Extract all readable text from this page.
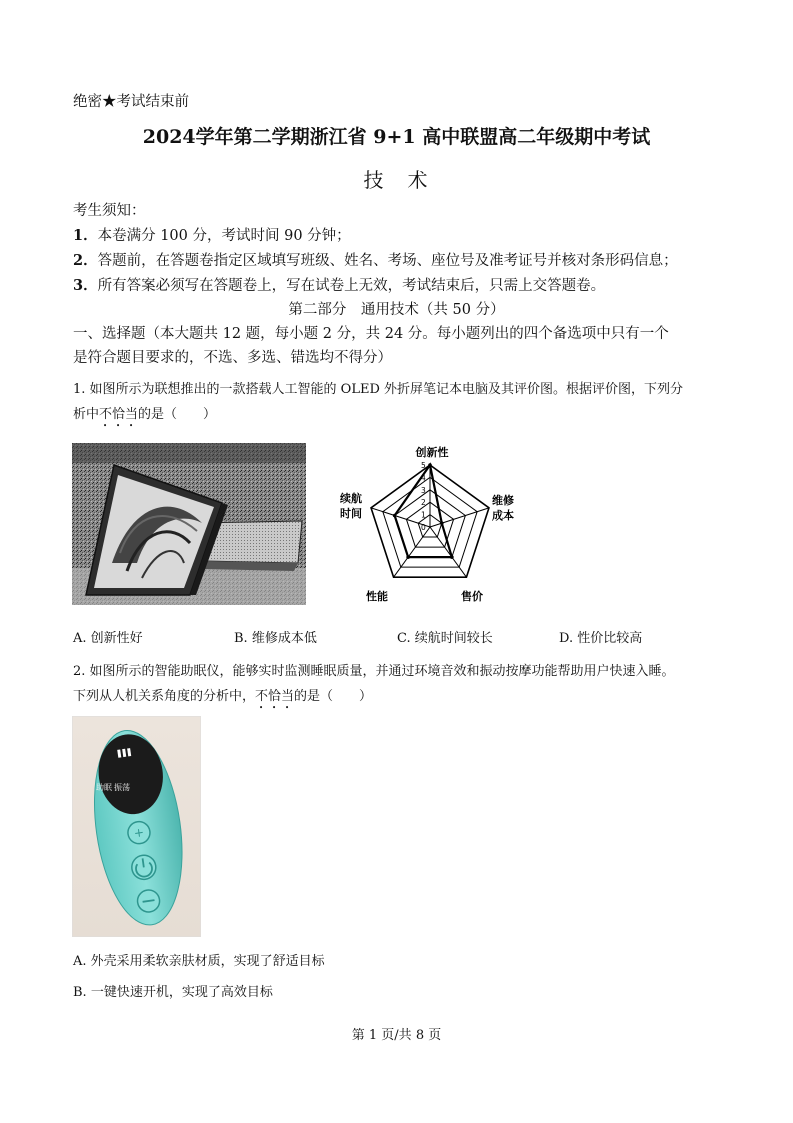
绝密★考试结束前
2024学年第二学期浙江省 9+1 高中联盟高二年级期中考试
技　术
考生须知：
1．本卷满分 100 分，考试时间 90 分钟；
2．答题前，在答题卷指定区域填写班级、姓名、考场、座位号及准考证号并核对条形码信息；
3．所有答案必须写在答题卷上，写在试卷上无效，考试结束后，只需上交答题卷。
第二部分　通用技术（共 50 分）
一、选择题（本大题共 12 题，每小题 2 分，共 24 分。每小题列出的四个备选项中只有一个
是符合题目要求的，不选、多选、错选均不得分）
1. 如图所示为联想推出的一款搭载人工智能的 OLED 外折屏笔记本电脑及其评价图。根据评价图，下列分
析中不恰当的是（　　）
创新性
维修成本
售价
性能
续航时间
5
4
3
2
1
0
A. 创新性好	B. 维修成本低	C. 续航时间较长	D. 性价比较高
2. 如图所示的智能助眠仪，能够实时监测睡眠质量，并通过环境音效和振动按摩功能帮助用户快速入睡。
下列从人机关系角度的分析中，不恰当的是（　　）
+
助眠 振荡
A. 外壳采用柔软亲肤材质，实现了舒适目标
B. 一键快速开机，实现了高效目标
第 1 页/共 8 页
